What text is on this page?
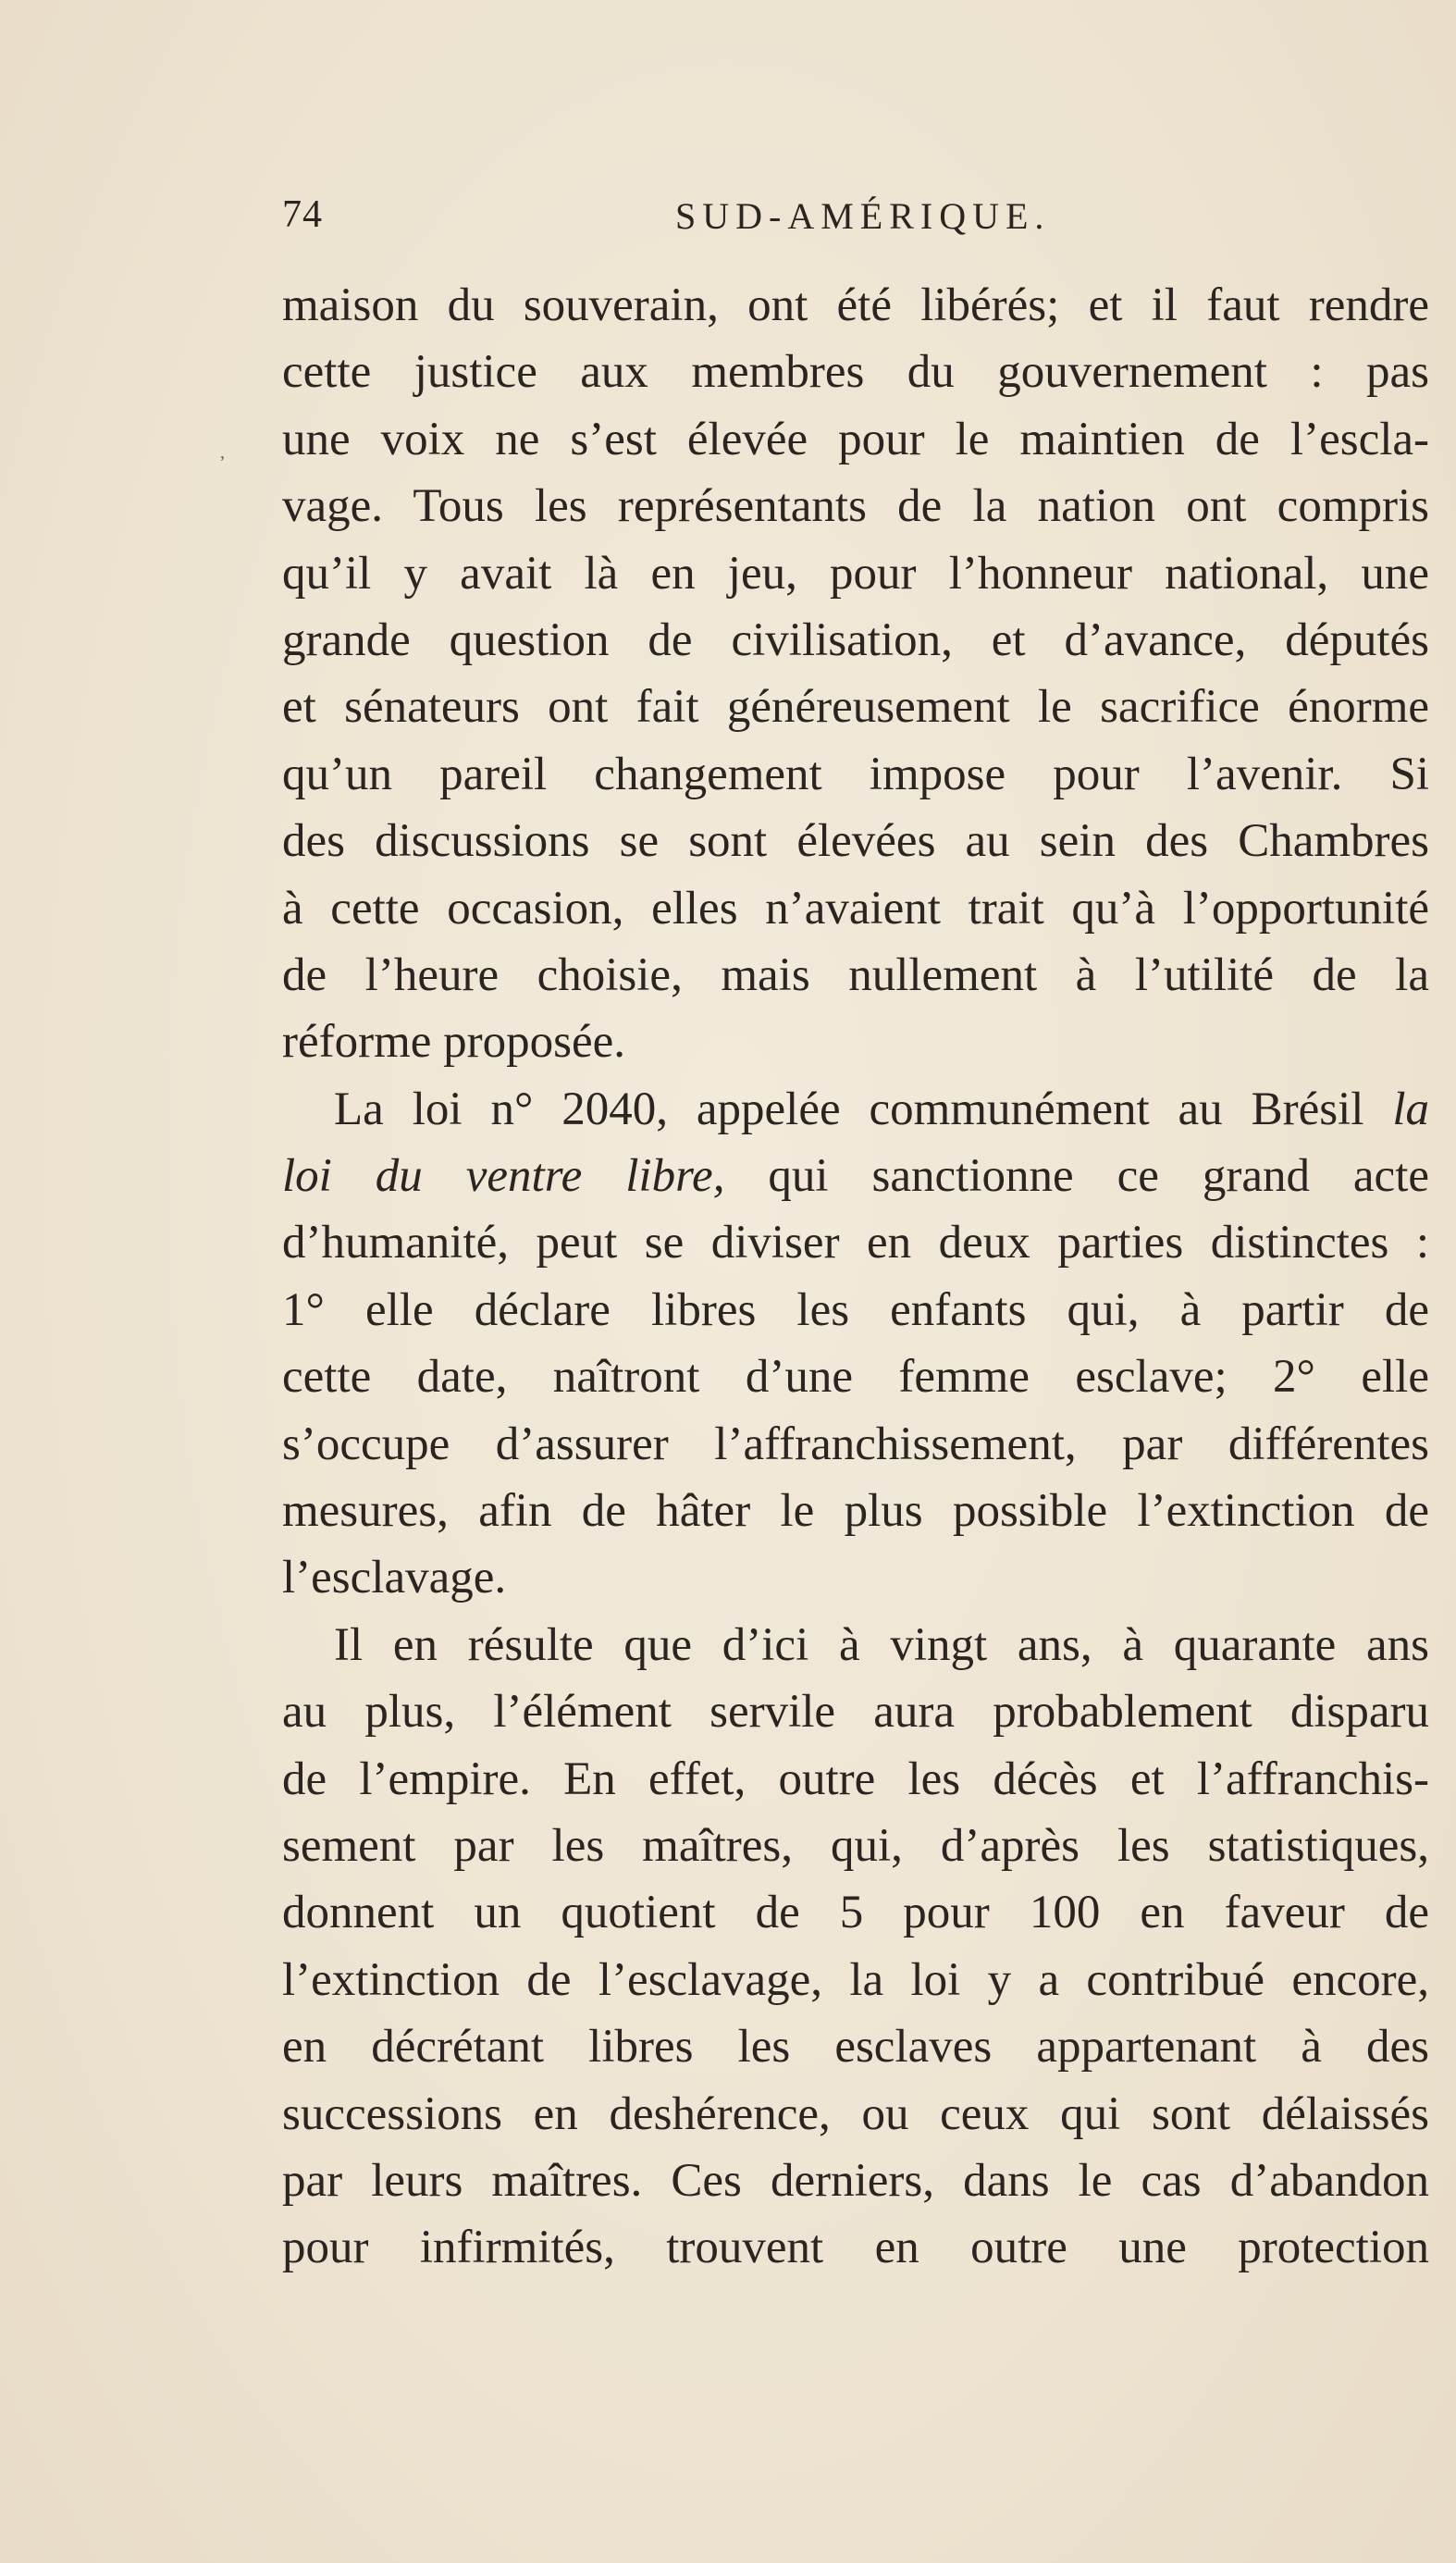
74	SUD-AMÉRIQUE.
,
maison du souverain, ont été libérés; et il faut rendre
cette justice aux membres du gouvernement : pas
une voix ne s’est élevée pour le maintien de l’escla-
vage. Tous les représentants de la nation ont compris
qu’il y avait là en jeu, pour l’honneur national, une
grande question de civilisation, et d’avance, députés
et sénateurs ont fait généreusement le sacrifice énorme
qu’un pareil changement impose pour l’avenir. Si
des discussions se sont élevées au sein des Chambres
à cette occasion, elles n’avaient trait qu’à l’opportunité
de l’heure choisie, mais nullement à l’utilité de la
réforme proposée.
La loi n° 2040, appelée communément au Brésil la
loi du ventre libre, qui sanctionne ce grand acte
d’humanité, peut se diviser en deux parties distinctes :
1° elle déclare libres les enfants qui, à partir de
cette date, naîtront d’une femme esclave; 2° elle
s’occupe d’assurer l’affranchissement, par différentes
mesures, afin de hâter le plus possible l’extinction de
l’esclavage.
Il en résulte que d’ici à vingt ans, à quarante ans
au plus, l’élément servile aura probablement disparu
de l’empire. En effet, outre les décès et l’affranchis-
sement par les maîtres, qui, d’après les statistiques,
donnent un quotient de 5 pour 100 en faveur de
l’extinction de l’esclavage, la loi y a contribué encore,
en décrétant libres les esclaves appartenant à des
successions en deshérence, ou ceux qui sont délaissés
par leurs maîtres. Ces derniers, dans le cas d’abandon
pour infirmités, trouvent en outre une protection
